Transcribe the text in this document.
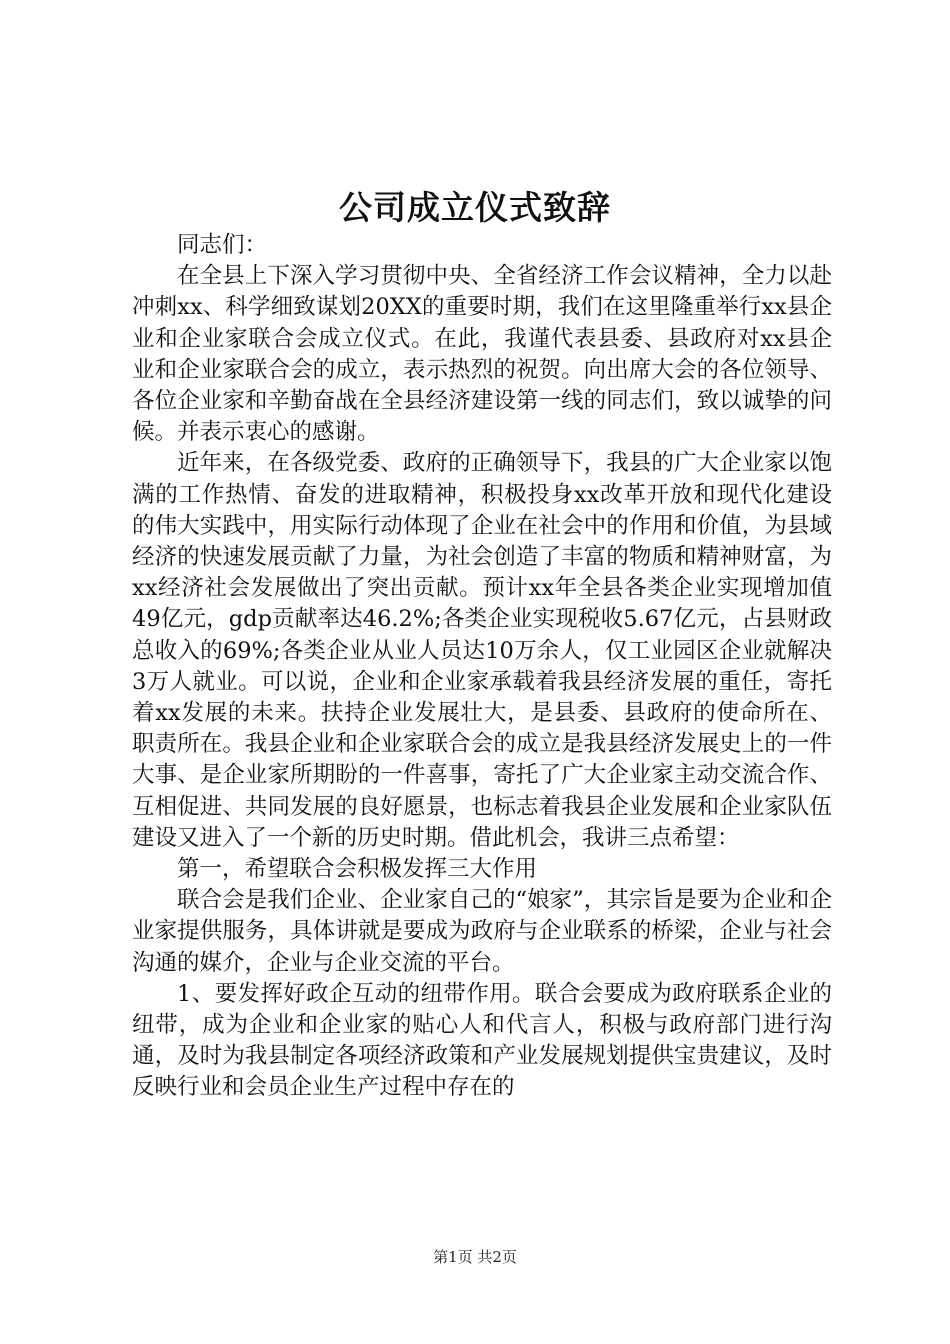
公司成立仪式致辞

同志们：

在全县上下深入学习贯彻中央、全省经济工作会议精神，全力以赴冲刺xx、科学细致谋划20XX的重要时期，我们在这里隆重举行xx县企业和企业家联合会成立仪式。在此，我谨代表县委、县政府对xx县企业和企业家联合会的成立，表示热烈的祝贺。向出席大会的各位领导、各位企业家和辛勤奋战在全县经济建设第一线的同志们，致以诚挚的问候。并表示衷心的感谢。

近年来，在各级党委、政府的正确领导下，我县的广大企业家以饱满的工作热情、奋发的进取精神，积极投身xx改革开放和现代化建设的伟大实践中，用实际行动体现了企业在社会中的作用和价值，为县域经济的快速发展贡献了力量，为社会创造了丰富的物质和精神财富，为xx经济社会发展做出了突出贡献。预计xx年全县各类企业实现增加值49亿元，gdp贡献率达46.2%;各类企业实现税收5.67亿元，占县财政总收入的69%;各类企业从业人员达10万余人，仅工业园区企业就解决3万人就业。可以说，企业和企业家承载着我县经济发展的重任，寄托着xx发展的未来。扶持企业发展壮大，是县委、县政府的使命所在、职责所在。我县企业和企业家联合会的成立是我县经济发展史上的一件大事、是企业家所期盼的一件喜事，寄托了广大企业家主动交流合作、互相促进、共同发展的良好愿景，也标志着我县企业发展和企业家队伍建设又进入了一个新的历史时期。借此机会，我讲三点希望：

第一，希望联合会积极发挥三大作用

联合会是我们企业、企业家自己的“娘家”，其宗旨是要为企业和企业家提供服务，具体讲就是要成为政府与企业联系的桥梁，企业与社会沟通的媒介，企业与企业交流的平台。

1、要发挥好政企互动的纽带作用。联合会要成为政府联系企业的纽带，成为企业和企业家的贴心人和代言人，积极与政府部门进行沟通，及时为我县制定各项经济政策和产业发展规划提供宝贵建议，及时反映行业和会员企业生产过程中存在的

第1页 共2页
